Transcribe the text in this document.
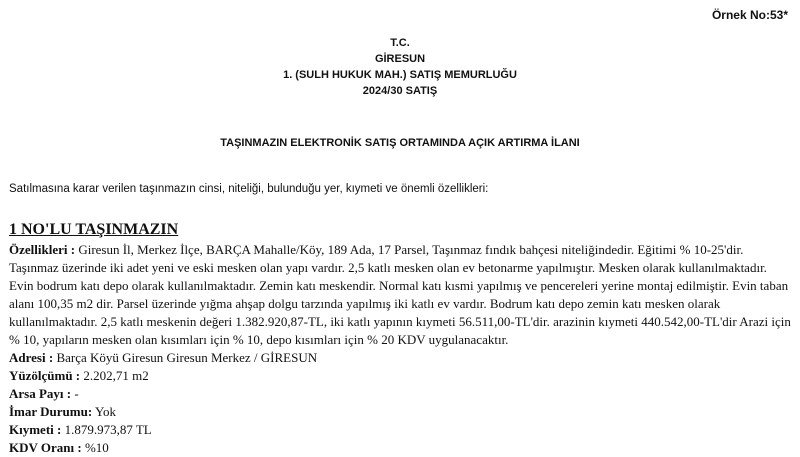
Örnek No:53*
T.C.
GİRESUN
1. (SULH HUKUK MAH.) SATIŞ MEMURLUĞU
2024/30 SATIŞ
TAŞINMAZIN ELEKTRONİK SATIŞ ORTAMINDA AÇIK ARTIRMA İLANI
Satılmasına karar verilen taşınmazın cinsi, niteliği, bulunduğu yer, kıymeti ve önemli özellikleri:
1 NO'LU TAŞINMAZIN
Özellikleri : Giresun İl, Merkez İlçe, BARÇA Mahalle/Köy, 189 Ada, 17 Parsel, Taşınmaz fındık bahçesi niteliğindedir. Eğitimi % 10-25'dir. Taşınmaz üzerinde iki adet yeni ve eski mesken olan yapı vardır. 2,5 katlı mesken olan ev betonarme yapılmıştır. Mesken olarak kullanılmaktadır. Evin bodrum katı depo olarak kullanılmaktadır. Zemin katı meskendir. Normal katı kısmi yapılmış ve pencereleri yerine montaj edilmiştir. Evin taban alanı 100,35 m2 dir. Parsel üzerinde yığma ahşap dolgu tarzında yapılmış iki katlı ev vardır. Bodrum katı depo zemin katı mesken olarak kullanılmaktadır. 2,5 katlı meskenin değeri 1.382.920,87-TL, iki katlı yapının kıymeti 56.511,00-TL'dir. arazinin kıymeti 440.542,00-TL'dir Arazi için % 10, yapıların mesken olan kısımları için % 10, depo kısımları için % 20 KDV uygulanacaktır.
Adresi : Barça Köyü Giresun Giresun Merkez / GİRESUN
Yüzölçümü : 2.202,71 m2
Arsa Payı : -
İmar Durumu: Yok
Kıymeti : 1.879.973,87 TL
KDV Oranı : %10
